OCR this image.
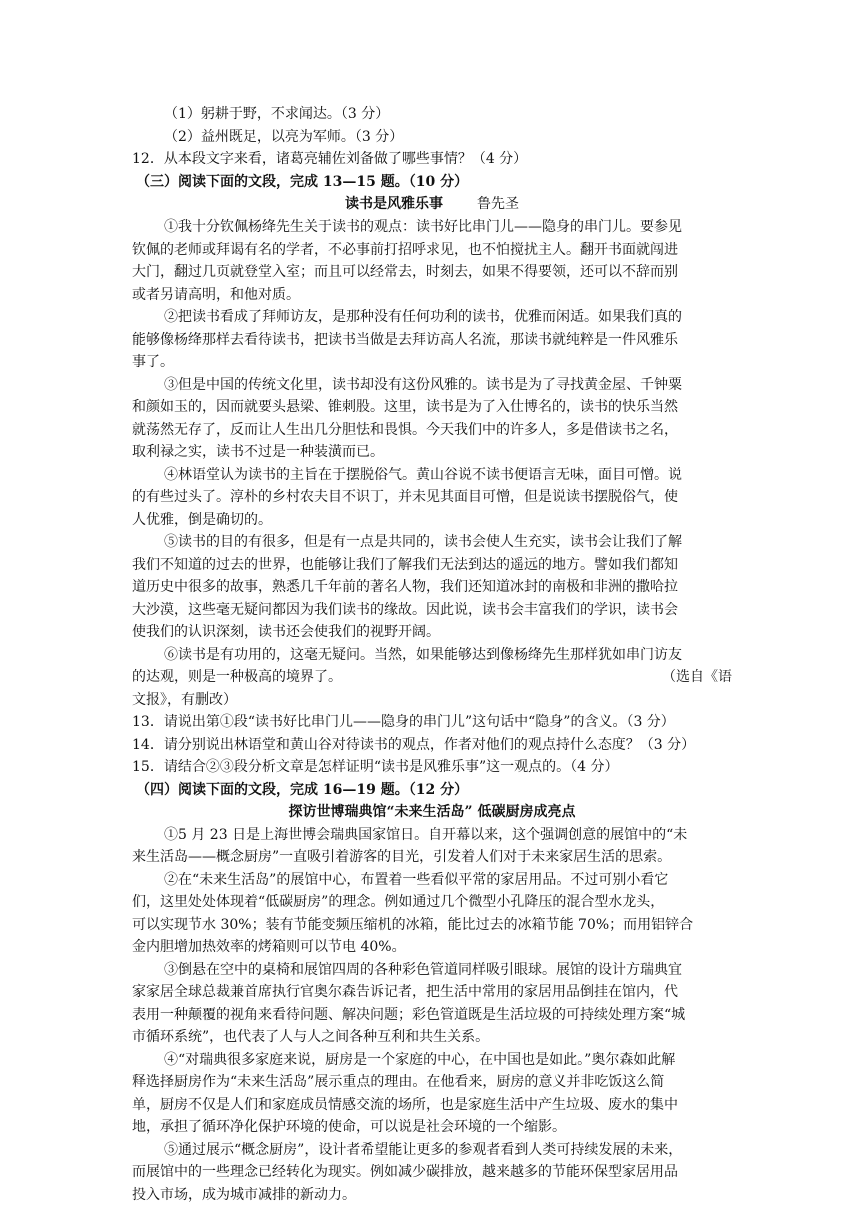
（1）躬耕于野，不求闻达。（3 分）
（2）益州既足，以亮为军师。（3 分）
12．从本段文字来看，诸葛亮辅佐刘备做了哪些事情？（4 分）
（三）阅读下面的文段，完成 13—15 题。（10 分）
读书是风雅乐事 鲁先圣
①我十分钦佩杨绛先生关于读书的观点：读书好比串门儿——隐身的串门儿。要参见
钦佩的老师或拜谒有名的学者，不必事前打招呼求见，也不怕搅扰主人。翻开书面就闯进
大门，翻过几页就登堂入室；而且可以经常去，时刻去，如果不得要领，还可以不辞而别
或者另请高明，和他对质。
②把读书看成了拜师访友，是那种没有任何功利的读书，优雅而闲适。如果我们真的
能够像杨绛那样去看待读书，把读书当做是去拜访高人名流，那读书就纯粹是一件风雅乐
事了。
③但是中国的传统文化里，读书却没有这份风雅的。读书是为了寻找黄金屋、千钟粟
和颜如玉的，因而就要头悬梁、锥刺股。这里，读书是为了入仕博名的，读书的快乐当然
就荡然无存了，反而让人生出几分胆怯和畏惧。今天我们中的许多人，多是借读书之名，
取利禄之实，读书不过是一种装潢而已。
④林语堂认为读书的主旨在于摆脱俗气。黄山谷说不读书便语言无味，面目可憎。说
的有些过头了。淳朴的乡村农夫目不识丁，并未见其面目可憎，但是说读书摆脱俗气，使
人优雅，倒是确切的。
⑤读书的目的有很多，但是有一点是共同的，读书会使人生充实，读书会让我们了解
我们不知道的过去的世界，也能够让我们了解我们无法到达的遥远的地方。譬如我们都知
道历史中很多的故事，熟悉几千年前的著名人物，我们还知道冰封的南极和非洲的撒哈拉
大沙漠，这些毫无疑问都因为我们读书的缘故。因此说，读书会丰富我们的学识，读书会
使我们的认识深刻，读书还会使我们的视野开阔。
⑥读书是有功用的，这毫无疑问。当然，如果能够达到像杨绛先生那样犹如串门访友
的达观，则是一种极高的境界了。	（选自《语
文报》，有删改）
13．请说出第①段“读书好比串门儿——隐身的串门儿”这句话中“隐身”的含义。（3 分）
14．请分别说出林语堂和黄山谷对待读书的观点，作者对他们的观点持什么态度？（3 分）
15．请结合②③段分析文章是怎样证明“读书是风雅乐事”这一观点的。（4 分）
（四）阅读下面的文段，完成 16—19 题。（12 分）
探访世博瑞典馆“未来生活岛” 低碳厨房成亮点
①5 月 23 日是上海世博会瑞典国家馆日。自开幕以来，这个强调创意的展馆中的“未
来生活岛——概念厨房”一直吸引着游客的目光，引发着人们对于未来家居生活的思索。
②在“未来生活岛”的展馆中心，布置着一些看似平常的家居用品。不过可别小看它
们，这里处处体现着“低碳厨房”的理念。例如通过几个微型小孔降压的混合型水龙头，
可以实现节水 30%；装有节能变频压缩机的冰箱，能比过去的冰箱节能 70%；而用铝锌合
金内胆增加热效率的烤箱则可以节电 40%。
③倒悬在空中的桌椅和展馆四周的各种彩色管道同样吸引眼球。展馆的设计方瑞典宜
家家居全球总裁兼首席执行官奥尔森告诉记者，把生活中常用的家居用品倒挂在馆内，代
表用一种颠覆的视角来看待问题、解决问题；彩色管道既是生活垃圾的可持续处理方案“城
市循环系统”，也代表了人与人之间各种互利和共生关系。
④“对瑞典很多家庭来说，厨房是一个家庭的中心，在中国也是如此。”奥尔森如此解
释选择厨房作为“未来生活岛”展示重点的理由。在他看来，厨房的意义并非吃饭这么简
单，厨房不仅是人们和家庭成员情感交流的场所，也是家庭生活中产生垃圾、废水的集中
地，承担了循环净化保护环境的使命，可以说是社会环境的一个缩影。
⑤通过展示“概念厨房”，设计者希望能让更多的参观者看到人类可持续发展的未来，
而展馆中的一些理念已经转化为现实。例如减少碳排放，越来越多的节能环保型家居用品
投入市场，成为城市减排的新动力。
